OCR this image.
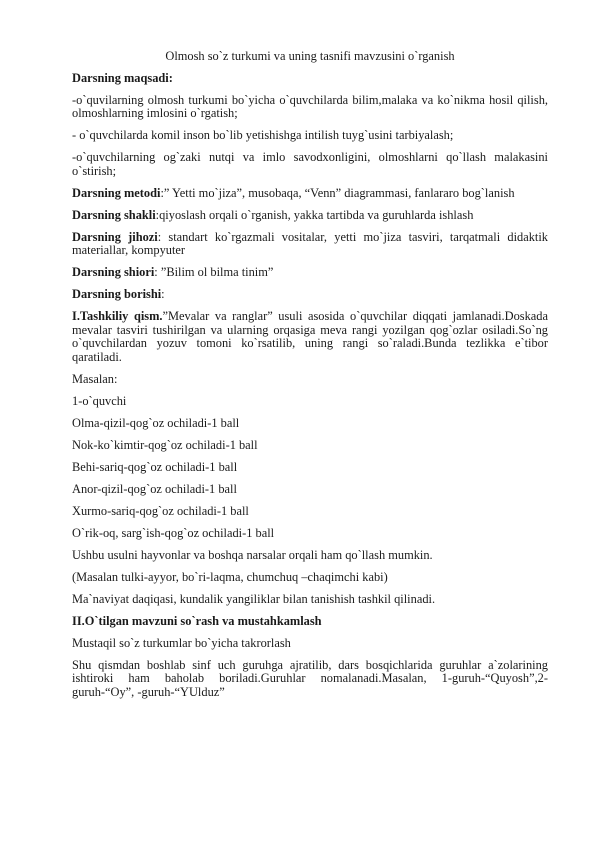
Olmosh so`z turkumi va uning tasnifi mavzusini o`rganish

Darsning maqsadi:

-o`quvilarning olmosh turkumi bo`yicha o`quvchilarda bilim,malaka va ko`nikma hosil qilish, olmoshlarning imlosini o`rgatish;

- o`quvchilarda komil inson bo`lib yetishishga intilish tuyg`usini tarbiyalash;

-o`quvchilarning og`zaki nutqi va imlo savodxonligini, olmoshlarni qo`llash malakasini o`stirish;

Darsning metodi:” Yetti mo`jiza”, musobaqa, “Venn” diagrammasi, fanlararo bog`lanish

Darsning shakli:qiyoslash orqali o`rganish, yakka tartibda va guruhlarda ishlash

Darsning jihozi: standart ko`rgazmali vositalar, yetti mo`jiza tasviri, tarqatmali didaktik materiallar, kompyuter

Darsning shiori: ”Bilim ol bilma tinim”

Darsning borishi:

I.Tashkiliy qism.”Mevalar va ranglar” usuli asosida o`quvchilar diqqati jamlanadi.Doskada mevalar tasviri tushirilgan va ularning orqasiga meva rangi yozilgan qog`ozlar osiladi.So`ng o`quvchilardan yozuv tomoni ko`rsatilib, uning rangi so`raladi.Bunda tezlikka e`tibor qaratiladi.

Masalan:

1-o`quvchi

Olma-qizil-qog`oz ochiladi-1 ball

Nok-ko`kimtir-qog`oz ochiladi-1 ball

Behi-sariq-qog`oz ochiladi-1 ball

Anor-qizil-qog`oz ochiladi-1 ball

Xurmo-sariq-qog`oz ochiladi-1 ball

O`rik-oq, sarg`ish-qog`oz ochiladi-1 ball

Ushbu usulni hayvonlar va boshqa narsalar orqali ham qo`llash mumkin.

(Masalan tulki-ayyor, bo`ri-laqma, chumchuq –chaqimchi kabi)

Ma`naviyat daqiqasi, kundalik yangiliklar bilan tanishish tashkil qilinadi.

II.O`tilgan mavzuni so`rash va mustahkamlash

Mustaqil so`z turkumlar bo`yicha takrorlash

Shu qismdan boshlab sinf uch guruhga ajratilib, dars bosqichlarida guruhlar a`zolarining ishtiroki ham baholab boriladi.Guruhlar nomalanadi.Masalan, 1-guruh-“Quyosh”,2-guruh-“Oy”, -guruh-“YUlduz”
